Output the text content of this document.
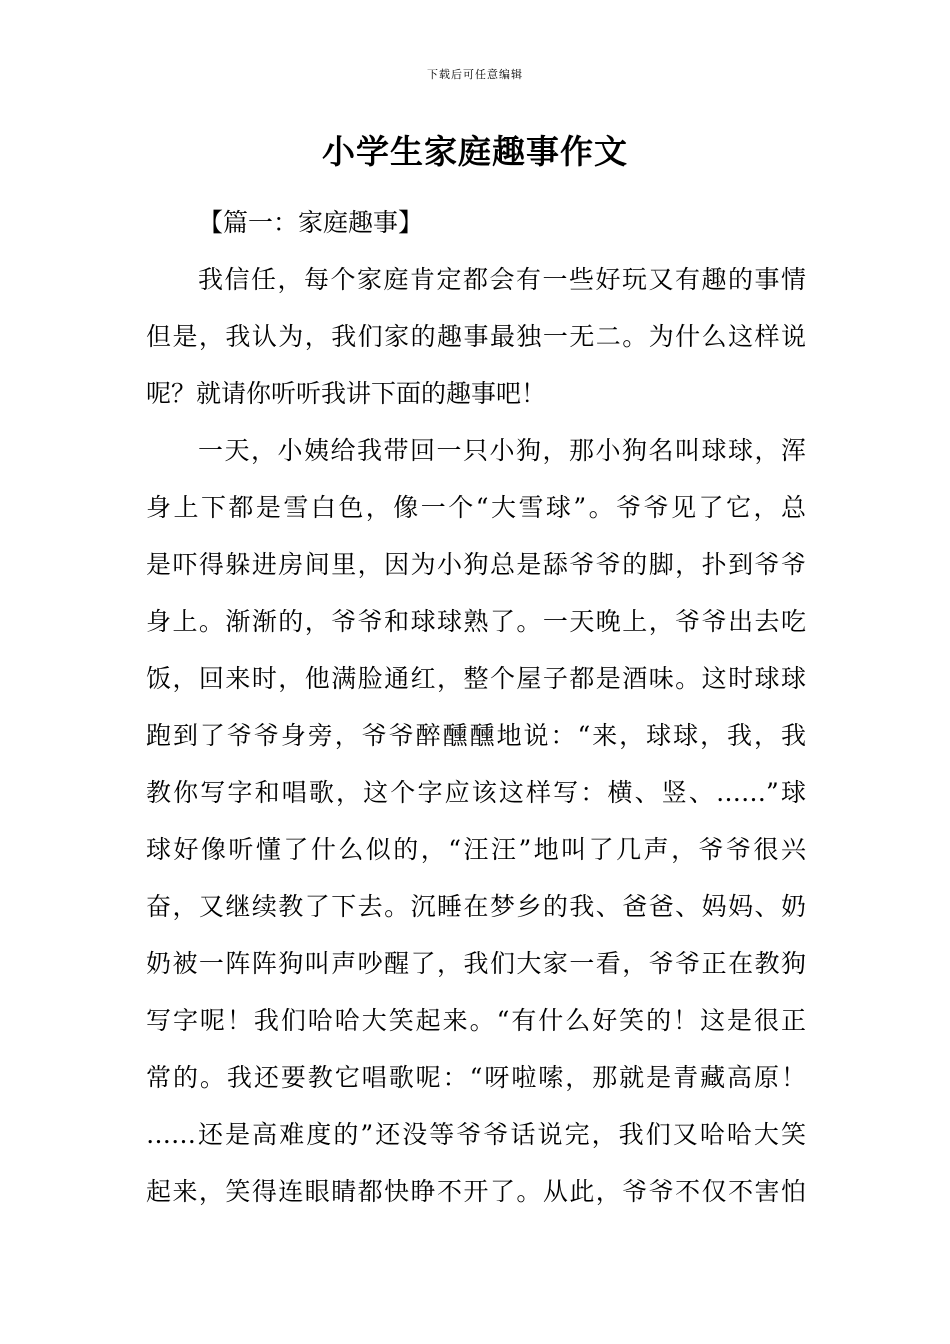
下载后可任意编辑
小学生家庭趣事作文
【篇一：家庭趣事】
我信任，每个家庭肯定都会有一些好玩又有趣的事情
但是，我认为，我们家的趣事最独一无二。为什么这样说
呢？就请你听听我讲下面的趣事吧！
一天，小姨给我带回一只小狗，那小狗名叫球球，浑
身上下都是雪白色，像一个“大雪球”。爷爷见了它，总
是吓得躲进房间里，因为小狗总是舔爷爷的脚，扑到爷爷
身上。渐渐的，爷爷和球球熟了。一天晚上，爷爷出去吃
饭，回来时，他满脸通红，整个屋子都是酒味。这时球球
跑到了爷爷身旁，爷爷醉醺醺地说：“来，球球，我，我
教你写字和唱歌，这个字应该这样写：横、竖、……”球
球好像听懂了什么似的，“汪汪”地叫了几声，爷爷很兴
奋，又继续教了下去。沉睡在梦乡的我、爸爸、妈妈、奶
奶被一阵阵狗叫声吵醒了，我们大家一看，爷爷正在教狗
写字呢！我们哈哈大笑起来。“有什么好笑的！这是很正
常的。我还要教它唱歌呢：“呀啦嗦，那就是青藏高原！
……还是高难度的”还没等爷爷话说完，我们又哈哈大笑
起来，笑得连眼睛都快睁不开了。从此，爷爷不仅不害怕
